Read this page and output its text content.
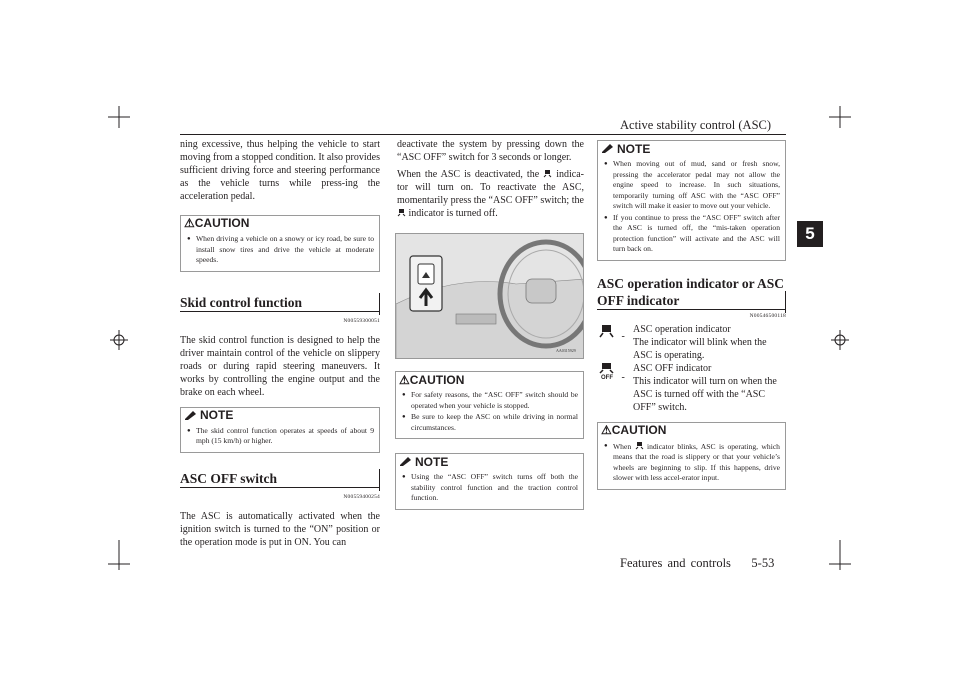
Active stability control (ASC)
5
Features and controls 5-53

ning excessive, thus helping the vehicle to start moving from a stopped condition. It also provides sufficient driving force and steering performance as the vehicle turns while press-ing the acceleration pedal.

⚠ CAUTION
● When driving a vehicle on a snowy or icy road, be sure to install snow tires and drive the vehicle at moderate speeds.
Skid control function
N00559300051

The skid control function is designed to help the driver maintain control of the vehicle on slippery roads or during rapid steering maneuvers. It works by controlling the engine output and the brake on each wheel.

NOTE
● The skid control function operates at speeds of about 9 mph (15 km/h) or higher.
ASC OFF switch
N00559400254

The ASC is automatically activated when the ignition switch is turned to the “ON” position or the operation mode is put in ON. You can

deactivate the system by pressing down the “ASC OFF” switch for 3 seconds or longer.

When the ASC is deactivated, the indica-tor will turn on. To reactivate the ASC, momentarily press the “ASC OFF” switch; the  indicator is turned off.

AA0315929
⚠ CAUTION
● For safety reasons, the “ASC OFF” switch should be operated when your vehicle is stopped.
● Be sure to keep the ASC on while driving in normal circumstances.
NOTE
● Using the “ASC OFF” switch turns off both the stability control function and the traction control function.
NOTE
● When moving out of mud, sand or fresh snow, pressing the accelerator pedal may not allow the engine speed to increase. In such situations, temporarily turning off ASC with the “ASC OFF” switch will make it easier to move out your vehicle.
● If you continue to press the “ASC OFF” switch after the ASC is turned off, the “mis-taken operation protection function” will activate and the ASC will turn back on.
ASC operation indicator or ASC OFF indicator
N00546500118
-
ASC operation indicator
The indicator will blink when the ASC is operating.
OFF -
ASC OFF indicator
This indicator will turn on when the ASC is turned off with the “ASC OFF” switch.
⚠ CAUTION
● When indicator blinks, ASC is operating, which means that the road is slippery or that your vehicle’s wheels are beginning to slip. If this happens, drive slower with less accel-erator input.
